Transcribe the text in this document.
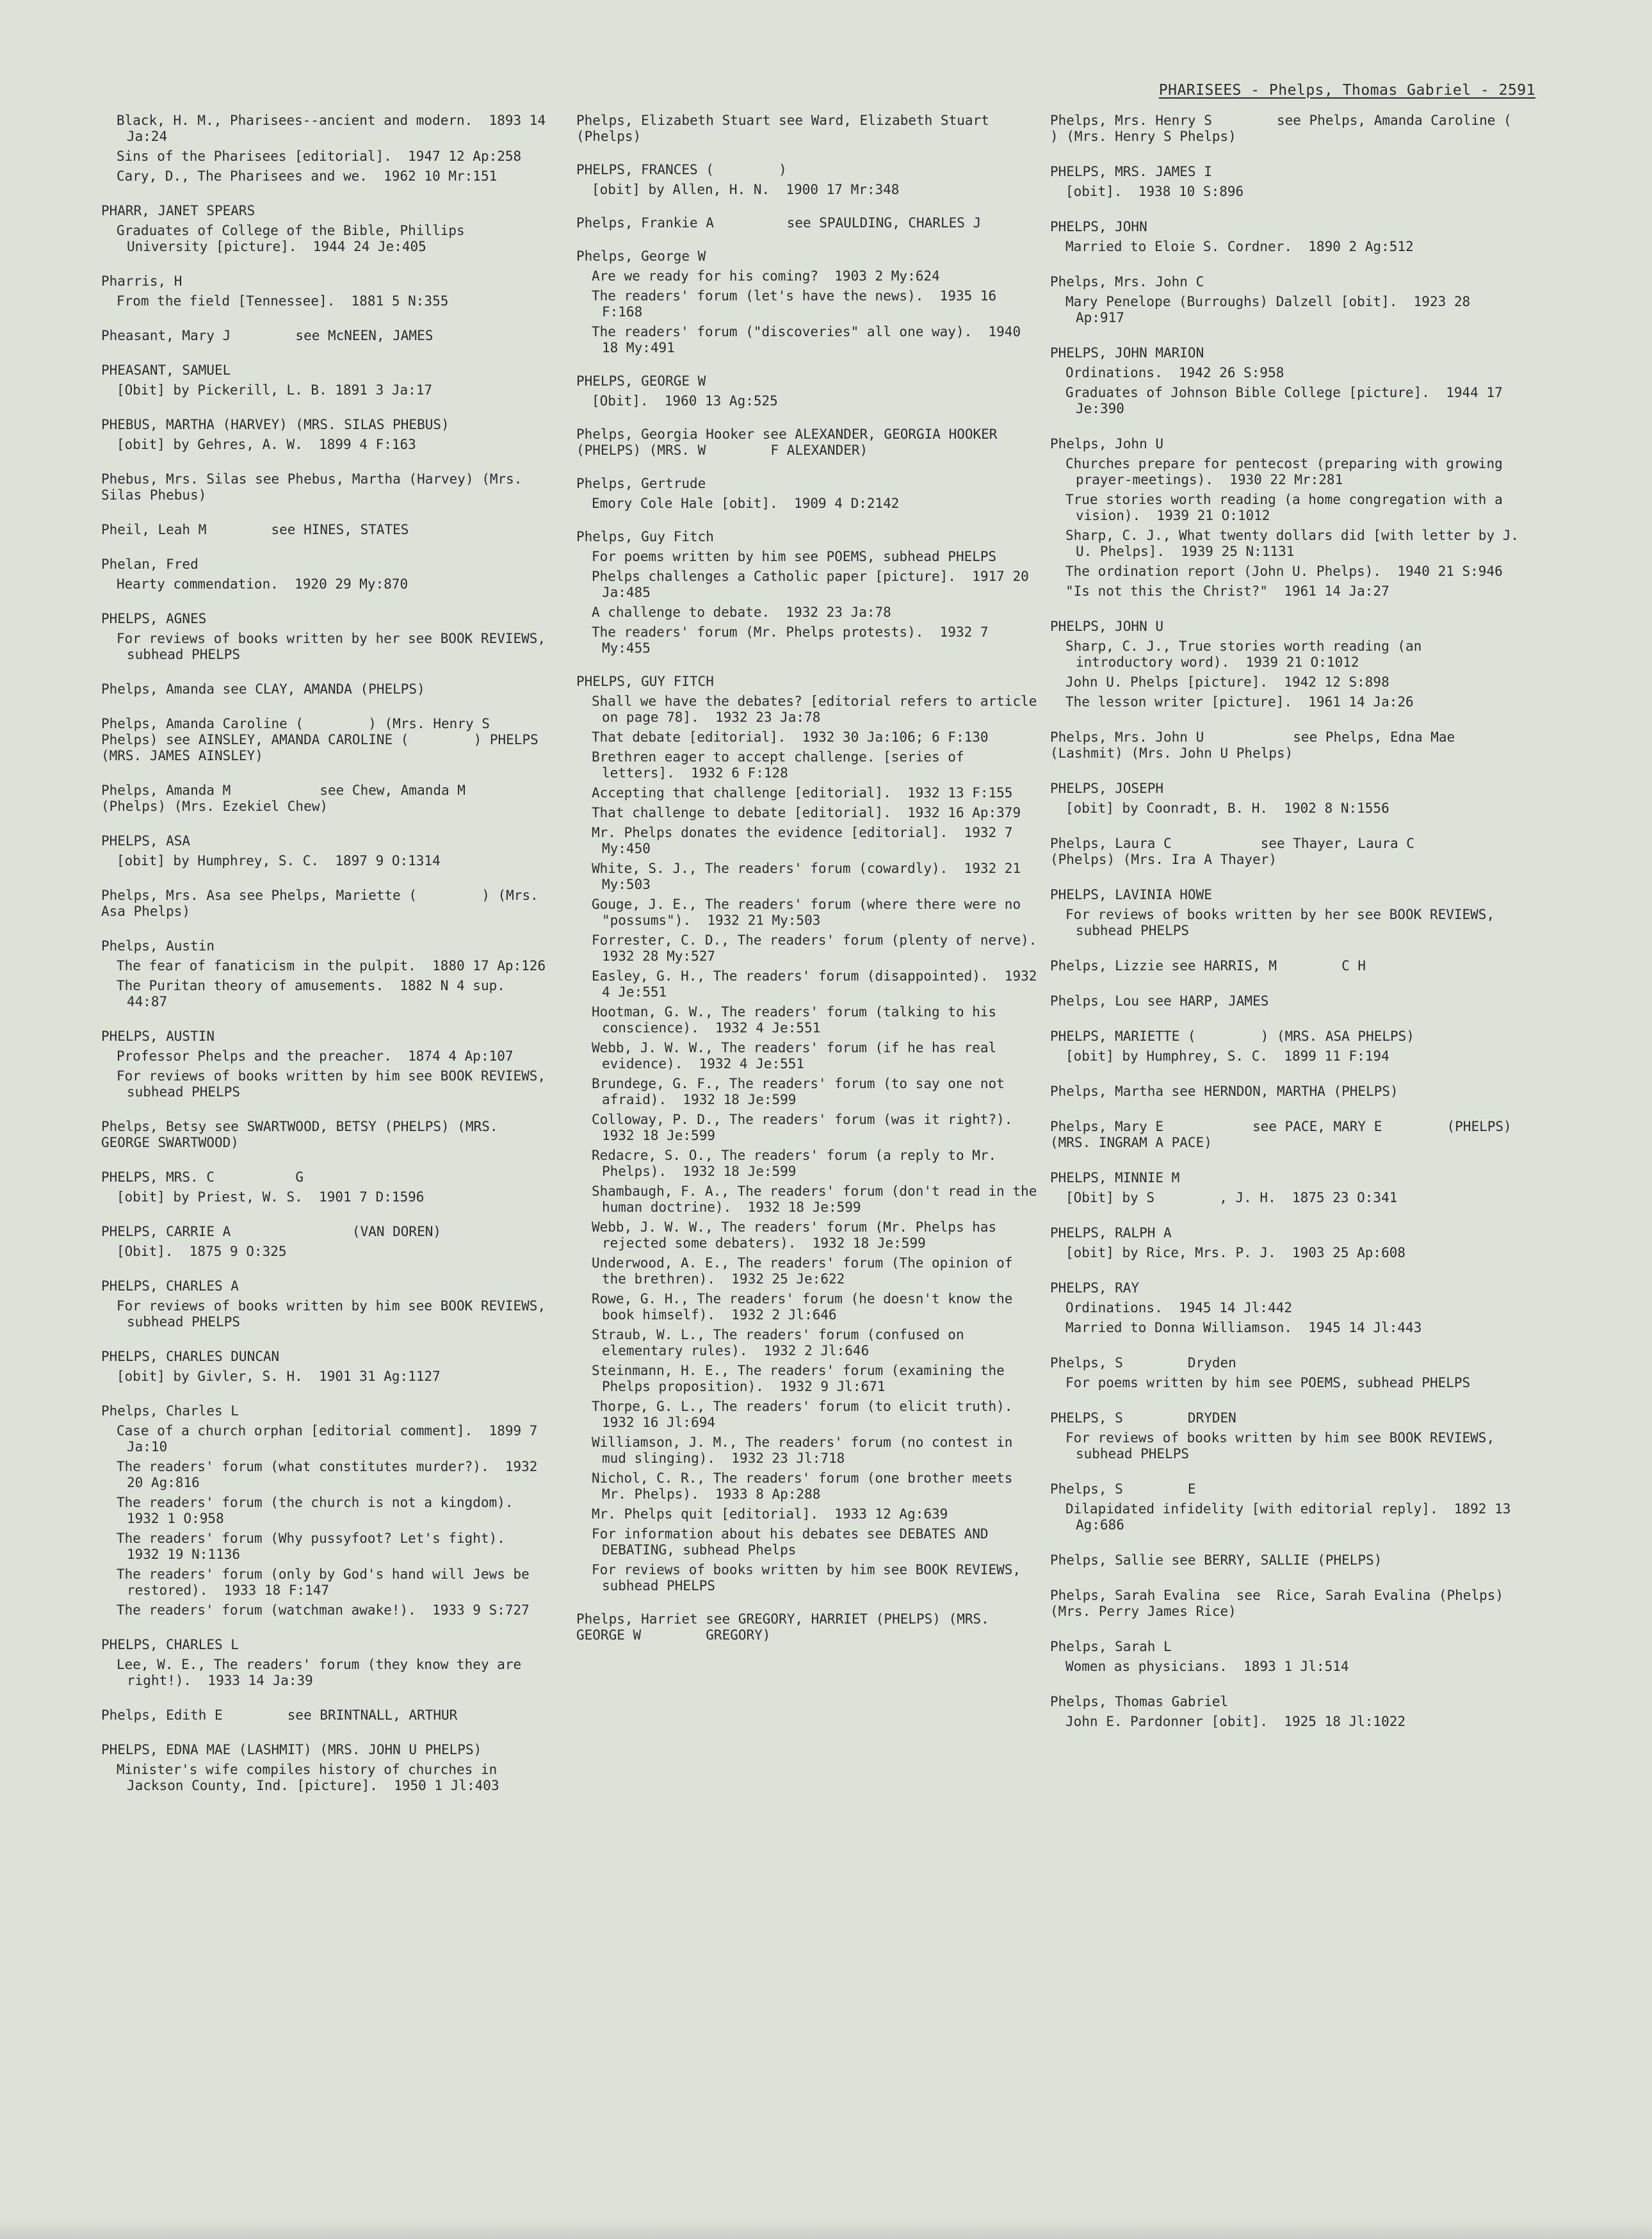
PHARISEES - Phelps, Thomas Gabriel - 2591
Black, H. M., Pharisees--ancient and modern.  1893 14 Ja:24
Sins of the Pharisees [editorial].  1947 12 Ap:258
Cary, D., The Pharisees and we.  1962 10 Mr:151
PHARR, JANET SPEARS
Graduates of College of the Bible, Phillips University [picture].  1944 24 Je:405
Pharris, H
From the field [Tennessee].  1881 5 N:355
Pheasant, Mary J        see McNEEN, JAMES
PHEASANT, SAMUEL
[Obit] by Pickerill, L. B. 1891 3 Ja:17
PHEBUS, MARTHA (HARVEY) (MRS. SILAS PHEBUS)
[obit] by Gehres, A. W.  1899 4 F:163
Phebus, Mrs. Silas see Phebus, Martha (Harvey) (Mrs. Silas Phebus)
Pheil, Leah M        see HINES, STATES
Phelan, Fred
Hearty commendation.  1920 29 My:870
PHELPS, AGNES
For reviews of books written by her see BOOK REVIEWS, subhead PHELPS
Phelps, Amanda see CLAY, AMANDA (PHELPS)
Phelps, Amanda Caroline (        ) (Mrs. Henry S        Phelps) see AINSLEY, AMANDA CAROLINE (        ) PHELPS (MRS. JAMES AINSLEY)
Phelps, Amanda M           see Chew, Amanda M        (Phelps) (Mrs. Ezekiel Chew)
PHELPS, ASA
[obit] by Humphrey, S. C.  1897 9 O:1314
Phelps, Mrs. Asa see Phelps, Mariette (        ) (Mrs. Asa Phelps)
Phelps, Austin
The fear of fanaticism in the pulpit.  1880 17 Ap:126
The Puritan theory of amusements.  1882 N 4 sup. 44:87
PHELPS, AUSTIN
Professor Phelps and the preacher.  1874 4 Ap:107
For reviews of books written by him see BOOK REVIEWS, subhead PHELPS
Phelps, Betsy see SWARTWOOD, BETSY (PHELPS) (MRS. GEORGE SWARTWOOD)
PHELPS, MRS. C          G
[obit] by Priest, W. S.  1901 7 D:1596
PHELPS, CARRIE A               (VAN DOREN)
[Obit].  1875 9 O:325
PHELPS, CHARLES A
For reviews of books written by him see BOOK REVIEWS, subhead PHELPS
PHELPS, CHARLES DUNCAN
[obit] by Givler, S. H.  1901 31 Ag:1127
Phelps, Charles L
Case of a church orphan [editorial comment].  1899 7 Ja:10
The readers' forum (what constitutes murder?).  1932 20 Ag:816
The readers' forum (the church is not a kingdom).  1932 1 O:958
The readers' forum (Why pussyfoot? Let's fight).  1932 19 N:1136
The readers' forum (only by God's hand will Jews be restored).  1933 18 F:147
The readers' forum (watchman awake!).  1933 9 S:727
PHELPS, CHARLES L
Lee, W. E., The readers' forum (they know they are right!).  1933 14 Ja:39
Phelps, Edith E        see BRINTNALL, ARTHUR
PHELPS, EDNA MAE (LASHMIT) (MRS. JOHN U PHELPS)
Minister's wife compiles history of churches in Jackson County, Ind. [picture].  1950 1 Jl:403
Phelps, Elizabeth Stuart see Ward, Elizabeth Stuart (Phelps)
PHELPS, FRANCES (        )
[obit] by Allen, H. N.  1900 17 Mr:348
Phelps, Frankie A         see SPAULDING, CHARLES J
Phelps, George W
Are we ready for his coming?  1903 2 My:624
The readers' forum (let's have the news).  1935 16 F:168
The readers' forum ("discoveries" all one way).  1940 18 My:491
PHELPS, GEORGE W
[Obit].  1960 13 Ag:525
Phelps, Georgia Hooker see ALEXANDER, GEORGIA HOOKER (PHELPS) (MRS. W        F ALEXANDER)
Phelps, Gertrude
Emory Cole Hale [obit].  1909 4 D:2142
Phelps, Guy Fitch
For poems written by him see POEMS, subhead PHELPS
Phelps challenges a Catholic paper [picture].  1917 20 Ja:485
A challenge to debate.  1932 23 Ja:78
The readers' forum (Mr. Phelps protests).  1932 7 My:455
PHELPS, GUY FITCH
Shall we have the debates? [editorial refers to article on page 78].  1932 23 Ja:78
That debate [editorial].  1932 30 Ja:106; 6 F:130
Brethren eager to accept challenge. [series of letters].  1932 6 F:128
Accepting that challenge [editorial].  1932 13 F:155
That challenge to debate [editorial].  1932 16 Ap:379
Mr. Phelps donates the evidence [editorial].  1932 7 My:450
White, S. J., The readers' forum (cowardly).  1932 21 My:503
Gouge, J. E., The readers' forum (where there were no "possums").  1932 21 My:503
Forrester, C. D., The readers' forum (plenty of nerve).  1932 28 My:527
Easley, G. H., The readers' forum (disappointed).  1932 4 Je:551
Hootman, G. W., The readers' forum (talking to his conscience).  1932 4 Je:551
Webb, J. W. W., The readers' forum (if he has real evidence).  1932 4 Je:551
Brundege, G. F., The readers' forum (to say one not afraid).  1932 18 Je:599
Colloway, P. D., The readers' forum (was it right?).  1932 18 Je:599
Redacre, S. O., The readers' forum (a reply to Mr. Phelps).  1932 18 Je:599
Shambaugh, F. A., The readers' forum (don't read in the human doctrine).  1932 18 Je:599
Webb, J. W. W., The readers' forum (Mr. Phelps has rejected some debaters).  1932 18 Je:599
Underwood, A. E., The readers' forum (The opinion of the brethren).  1932 25 Je:622
Rowe, G. H., The readers' forum (he doesn't know the book himself).  1932 2 Jl:646
Straub, W. L., The readers' forum (confused on elementary rules).  1932 2 Jl:646
Steinmann, H. E., The readers' forum (examining the Phelps proposition).  1932 9 Jl:671
Thorpe, G. L., The readers' forum (to elicit truth).  1932 16 Jl:694
Williamson, J. M., The readers' forum (no contest in mud slinging).  1932 23 Jl:718
Nichol, C. R., The readers' forum (one brother meets Mr. Phelps).  1933 8 Ap:288
Mr. Phelps quit [editorial].  1933 12 Ag:639
For information about his debates see DEBATES AND DEBATING, subhead Phelps
For reviews of books written by him see BOOK REVIEWS, subhead PHELPS
Phelps, Harriet see GREGORY, HARRIET (PHELPS) (MRS. GEORGE W        GREGORY)
Phelps, Mrs. Henry S        see Phelps, Amanda Caroline (        ) (Mrs. Henry S Phelps)
PHELPS, MRS. JAMES I
[obit].  1938 10 S:896
PHELPS, JOHN
Married to Eloie S. Cordner.  1890 2 Ag:512
Phelps, Mrs. John C
Mary Penelope (Burroughs) Dalzell [obit].  1923 28 Ap:917
PHELPS, JOHN MARION
Ordinations.  1942 26 S:958
Graduates of Johnson Bible College [picture].  1944 17 Je:390
Phelps, John U
Churches prepare for pentecost (preparing with growing prayer-meetings).  1930 22 Mr:281
True stories worth reading (a home congregation with a vision).  1939 21 O:1012
Sharp, C. J., What twenty dollars did [with letter by J. U. Phelps].  1939 25 N:1131
The ordination report (John U. Phelps).  1940 21 S:946
"Is not this the Christ?"  1961 14 Ja:27
PHELPS, JOHN U
Sharp, C. J., True stories worth reading (an introductory word).  1939 21 O:1012
John U. Phelps [picture].  1942 12 S:898
The lesson writer [picture].  1961 14 Ja:26
Phelps, Mrs. John U           see Phelps, Edna Mae (Lashmit) (Mrs. John U Phelps)
PHELPS, JOSEPH
[obit] by Coonradt, B. H.  1902 8 N:1556
Phelps, Laura C           see Thayer, Laura C        (Phelps) (Mrs. Ira A Thayer)
PHELPS, LAVINIA HOWE
For reviews of books written by her see BOOK REVIEWS, subhead PHELPS
Phelps, Lizzie see HARRIS, M        C H
Phelps, Lou see HARP, JAMES
PHELPS, MARIETTE (        ) (MRS. ASA PHELPS)
[obit] by Humphrey, S. C.  1899 11 F:194
Phelps, Martha see HERNDON, MARTHA (PHELPS)
Phelps, Mary E           see PACE, MARY E        (PHELPS) (MRS. INGRAM A PACE)
PHELPS, MINNIE M
[Obit] by S        , J. H.  1875 23 O:341
PHELPS, RALPH A
[obit] by Rice, Mrs. P. J.  1903 25 Ap:608
PHELPS, RAY
Ordinations.  1945 14 Jl:442
Married to Donna Williamson.  1945 14 Jl:443
Phelps, S        Dryden
For poems written by him see POEMS, subhead PHELPS
PHELPS, S        DRYDEN
For reviews of books written by him see BOOK REVIEWS, subhead PHELPS
Phelps, S        E
Dilapidated infidelity [with editorial reply].  1892 13 Ag:686
Phelps, Sallie see BERRY, SALLIE (PHELPS)
Phelps, Sarah Evalina  see  Rice, Sarah Evalina (Phelps) (Mrs. Perry James Rice)
Phelps, Sarah L
Women as physicians.  1893 1 Jl:514
Phelps, Thomas Gabriel
John E. Pardonner [obit].  1925 18 Jl:1022
